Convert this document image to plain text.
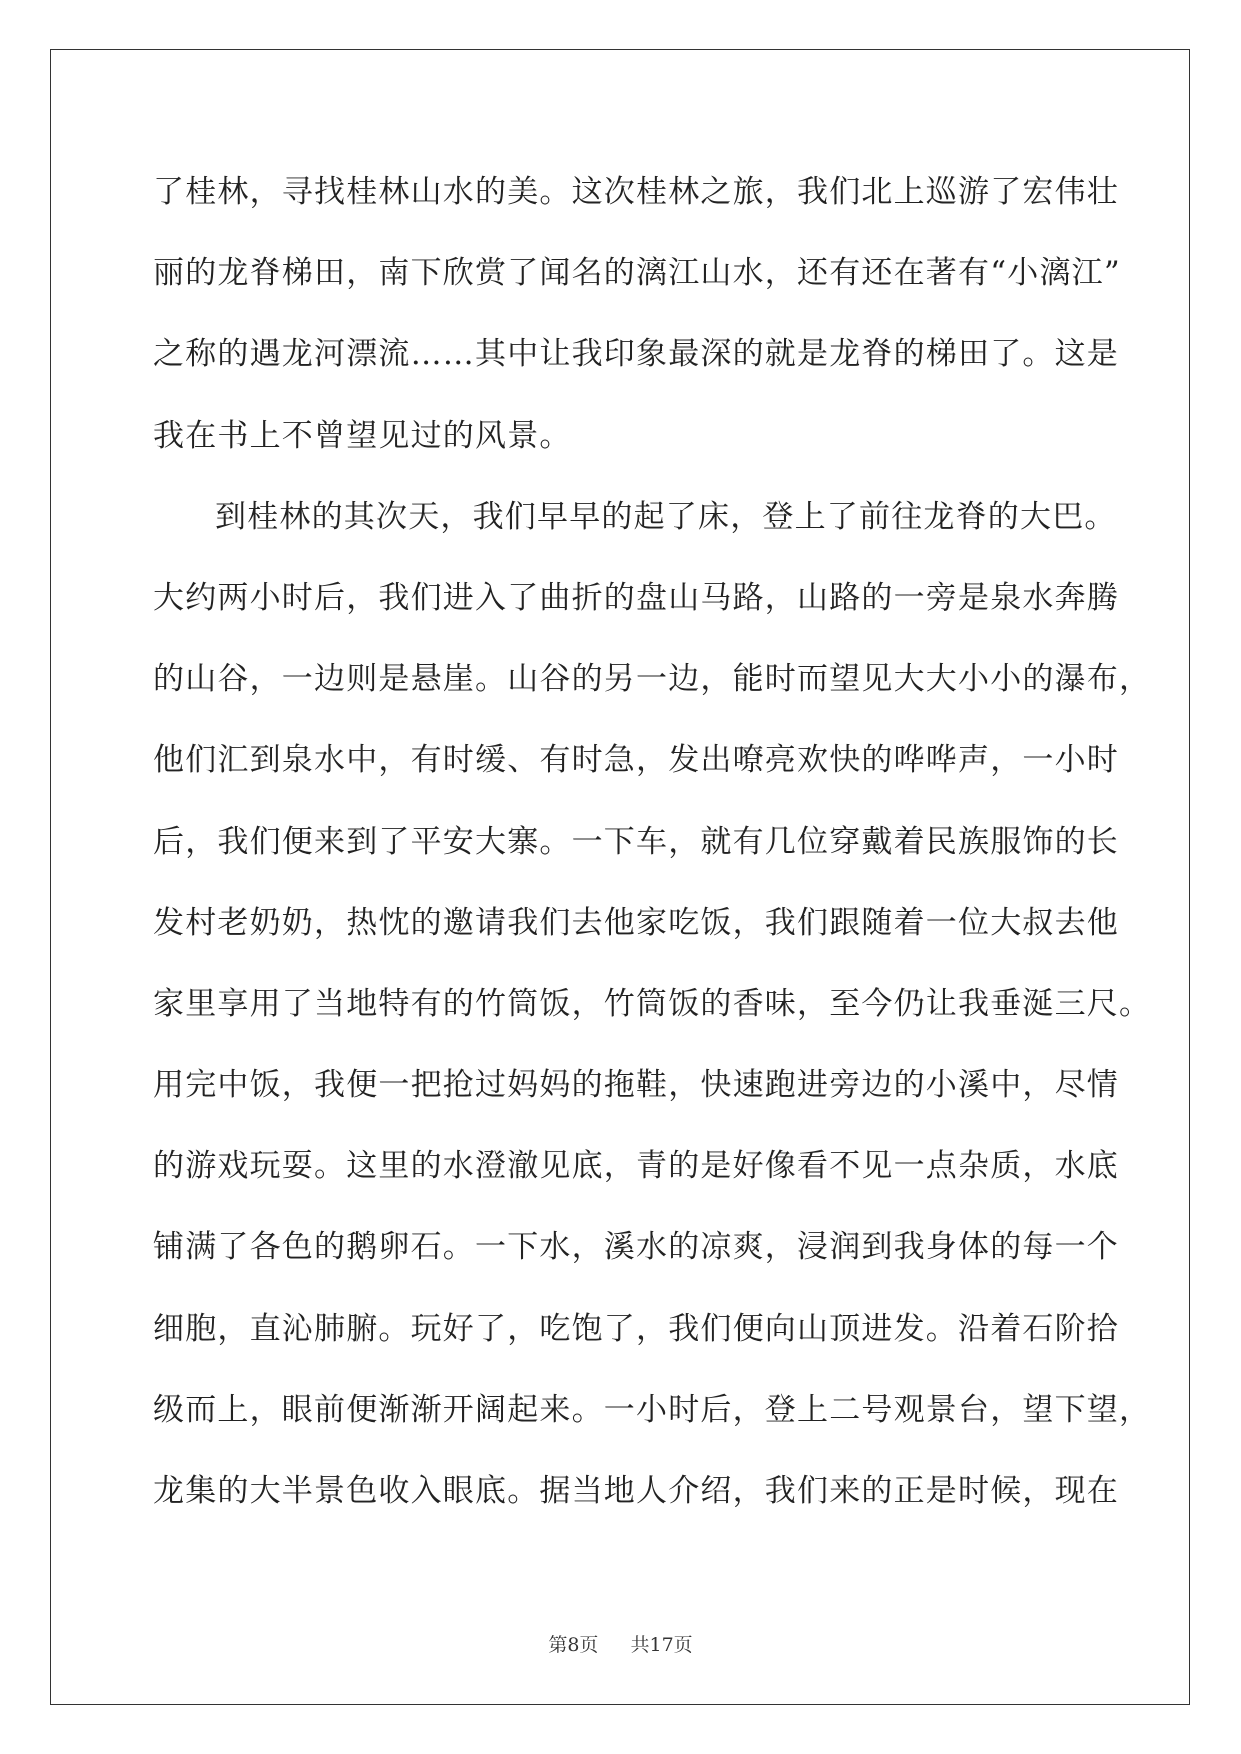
了桂林，寻找桂林山水的美。这次桂林之旅，我们北上巡游了宏伟壮
丽的龙脊梯田，南下欣赏了闻名的漓江山水，还有还在著有“小漓江”
之称的遇龙河漂流……其中让我印象最深的就是龙脊的梯田了。这是
我在书上不曾望见过的风景。
到桂林的其次天，我们早早的起了床，登上了前往龙脊的大巴。
大约两小时后，我们进入了曲折的盘山马路，山路的一旁是泉水奔腾
的山谷，一边则是悬崖。山谷的另一边，能时而望见大大小小的瀑布，
他们汇到泉水中，有时缓、有时急，发出嘹亮欢快的哗哗声，一小时
后，我们便来到了平安大寨。一下车，就有几位穿戴着民族服饰的长
发村老奶奶，热忱的邀请我们去他家吃饭，我们跟随着一位大叔去他
家里享用了当地特有的竹筒饭，竹筒饭的香味，至今仍让我垂涎三尺。
用完中饭，我便一把抢过妈妈的拖鞋，快速跑进旁边的小溪中，尽情
的游戏玩耍。这里的水澄澈见底，青的是好像看不见一点杂质，水底
铺满了各色的鹅卵石。一下水，溪水的凉爽，浸润到我身体的每一个
细胞，直沁肺腑。玩好了，吃饱了，我们便向山顶进发。沿着石阶拾
级而上，眼前便渐渐开阔起来。一小时后，登上二号观景台，望下望，
龙集的大半景色收入眼底。据当地人介绍，我们来的正是时候，现在
第8页 共17页
